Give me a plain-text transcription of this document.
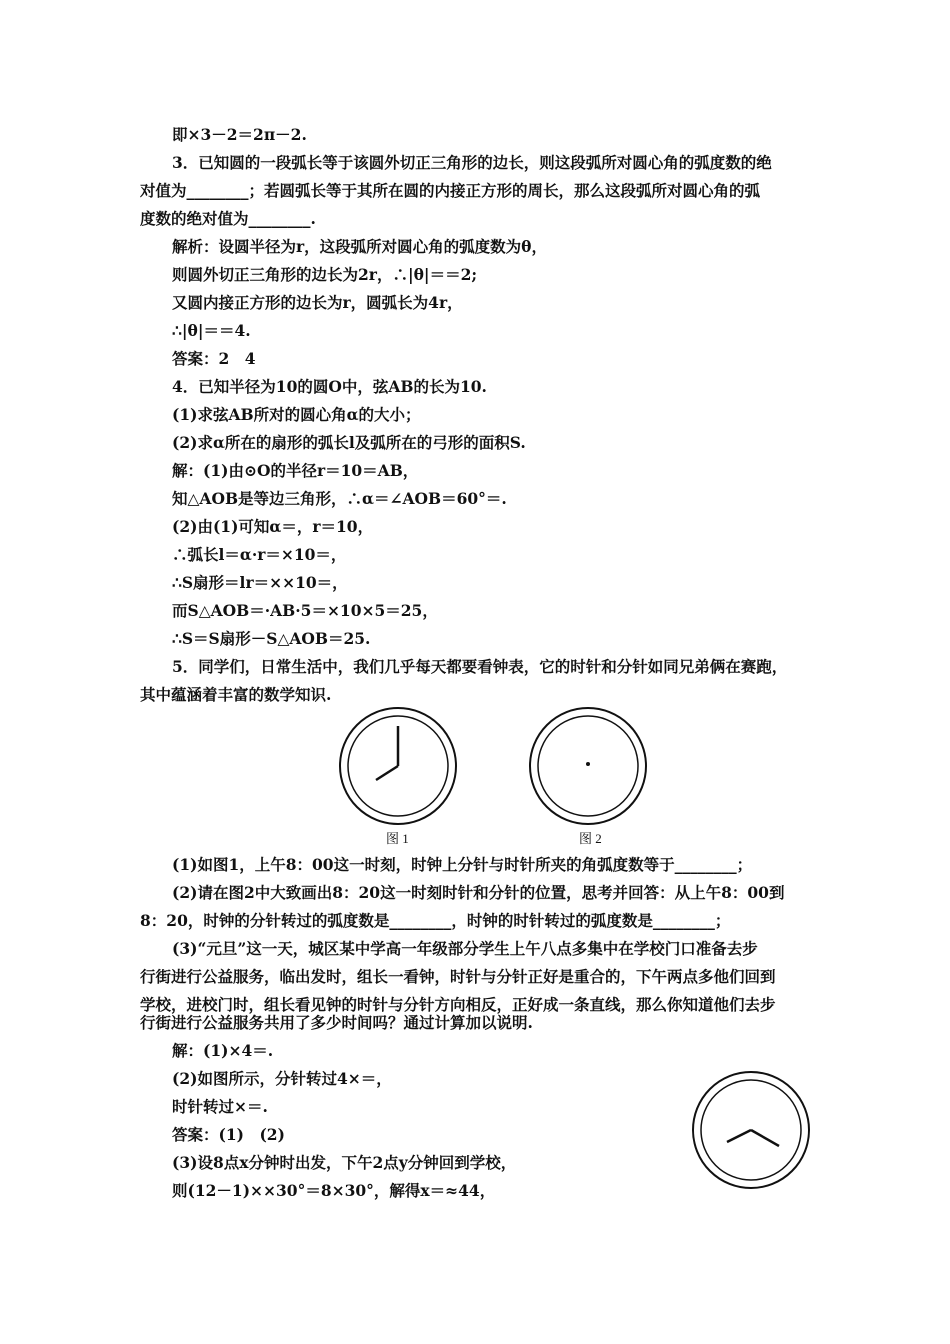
即×3－2＝2π－2.
3．已知圆的一段弧长等于该圆外切正三角形的边长，则这段弧所对圆心角的弧度数的绝
对值为________；若圆弧长等于其所在圆的内接正方形的周长，那么这段弧所对圆心角的弧
度数的绝对值为________.
解析：设圆半径为r，这段弧所对圆心角的弧度数为θ，
则圆外切正三角形的边长为2r，∴|θ|＝＝2;
又圆内接正方形的边长为r，圆弧长为4r，
∴|θ|＝＝4.
答案：2　4
4．已知半径为10的圆O中，弦AB的长为10.
(1)求弦AB所对的圆心角α的大小；
(2)求α所在的扇形的弧长l及弧所在的弓形的面积S.
解：(1)由⊙O的半径r＝10＝AB，
知△AOB是等边三角形，∴α＝∠AOB＝60°＝.
(2)由(1)可知α＝，r＝10，
∴弧长l＝α·r＝×10＝，
∴S扇形＝lr＝××10＝，
而S△AOB＝·AB·5＝×10×5＝25，
∴S＝S扇形－S△AOB＝25.
5．同学们，日常生活中，我们几乎每天都要看钟表，它的时针和分针如同兄弟俩在赛跑，
其中蕴涵着丰富的数学知识.
图 1	图 2
(1)如图1，上午8：00这一时刻，时钟上分针与时针所夹的角弧度数等于________；
(2)请在图2中大致画出8：20这一时刻时针和分针的位置，思考并回答：从上午8：00到
8：20，时钟的分针转过的弧度数是________，时钟的时针转过的弧度数是________；
(3)“元旦”这一天，城区某中学高一年级部分学生上午八点多集中在学校门口准备去步
行街进行公益服务，临出发时，组长一看钟，时针与分针正好是重合的，下午两点多他们回到
学校，进校门时，组长看见钟的时针与分针方向相反，正好成一条直线，那么你知道他们去步
行街进行公益服务共用了多少时间吗？通过计算加以说明.
解：(1)×4＝.
(2)如图所示，分针转过4×＝，
时针转过×＝.
答案：(1)　(2)
(3)设8点x分钟时出发，下午2点y分钟回到学校，
则(12－1)××30°＝8×30°，解得x＝≈44，
